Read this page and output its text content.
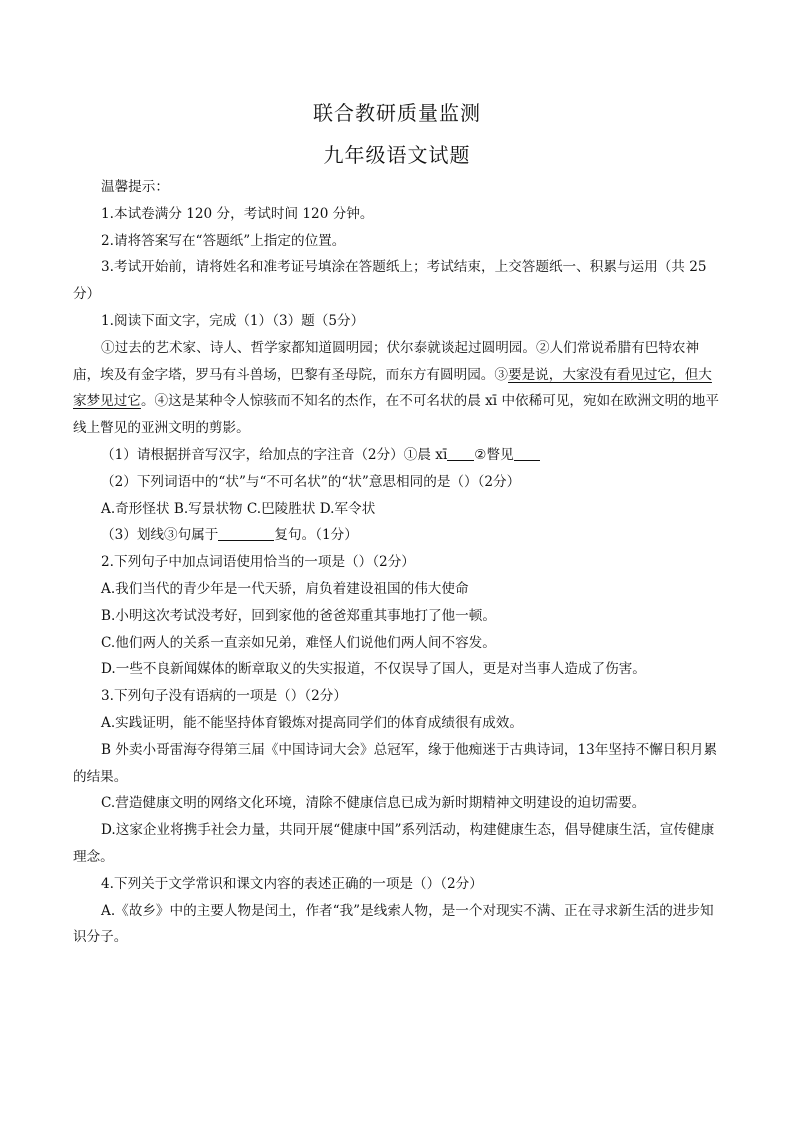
联合教研质量监测
九年级语文试题

温馨提示：

1.本试卷满分 120 分，考试时间 120 分钟。

2.请将答案写在“答题纸”上指定的位置。

3.考试开始前，请将姓名和准考证号填涂在答题纸上；考试结束，上交答题纸一、积累与运用（共 25 分）

1.阅读下面文字，完成（1）（3）题（5分）

①过去的艺术家、诗人、哲学家都知道圆明园；伏尔泰就谈起过圆明园。②人们常说希腊有巴特农神庙，埃及有金字塔，罗马有斗兽场，巴黎有圣母院，而东方有圆明园。③要是说，大家没有看见过它，但大家梦见过它。④这是某种令人惊骇而不知名的杰作，在不可名状的晨 xī 中依稀可见，宛如在欧洲文明的地平线上瞥见的亚洲文明的剪影。

（1）请根据拼音写汉字，给加点的字注音（2分）①晨 xī ②瞥见

（2）下列词语中的“状”与“不可名状”的“状”意思相同的是（）（2分）

A.奇形怪状 B.写景状物 C.巴陵胜状 D.军令状

（3）划线③句属于	复句。（1分）

2.下列句子中加点词语使用恰当的一项是（）（2分）

A.我们当代的青少年是一代天骄，肩负着建设祖国的伟大使命

B.小明这次考试没考好，回到家他的爸爸郑重其事地打了他一顿。

C.他们两人的关系一直亲如兄弟，难怪人们说他们两人间不容发。

D.一些不良新闻媒体的断章取义的失实报道，不仅误导了国人，更是对当事人造成了伤害。

3.下列句子没有语病的一项是（）（2分）

A.实践证明，能不能坚持体育锻炼对提高同学们的体育成绩很有成效。

B 外卖小哥雷海夺得第三届《中国诗词大会》总冠军，缘于他痴迷于古典诗词，13年坚持不懈日积月累的结果。

C.营造健康文明的网络文化环境，清除不健康信息已成为新时期精神文明建设的迫切需要。

D.这家企业将携手社会力量，共同开展“健康中国”系列活动，构建健康生态，倡导健康生活，宣传健康理念。

4.下列关于文学常识和课文内容的表述正确的一项是（）（2分）

A.《故乡》中的主要人物是闰土，作者“我”是线索人物，是一个对现实不满、正在寻求新生活的进步知识分子。
